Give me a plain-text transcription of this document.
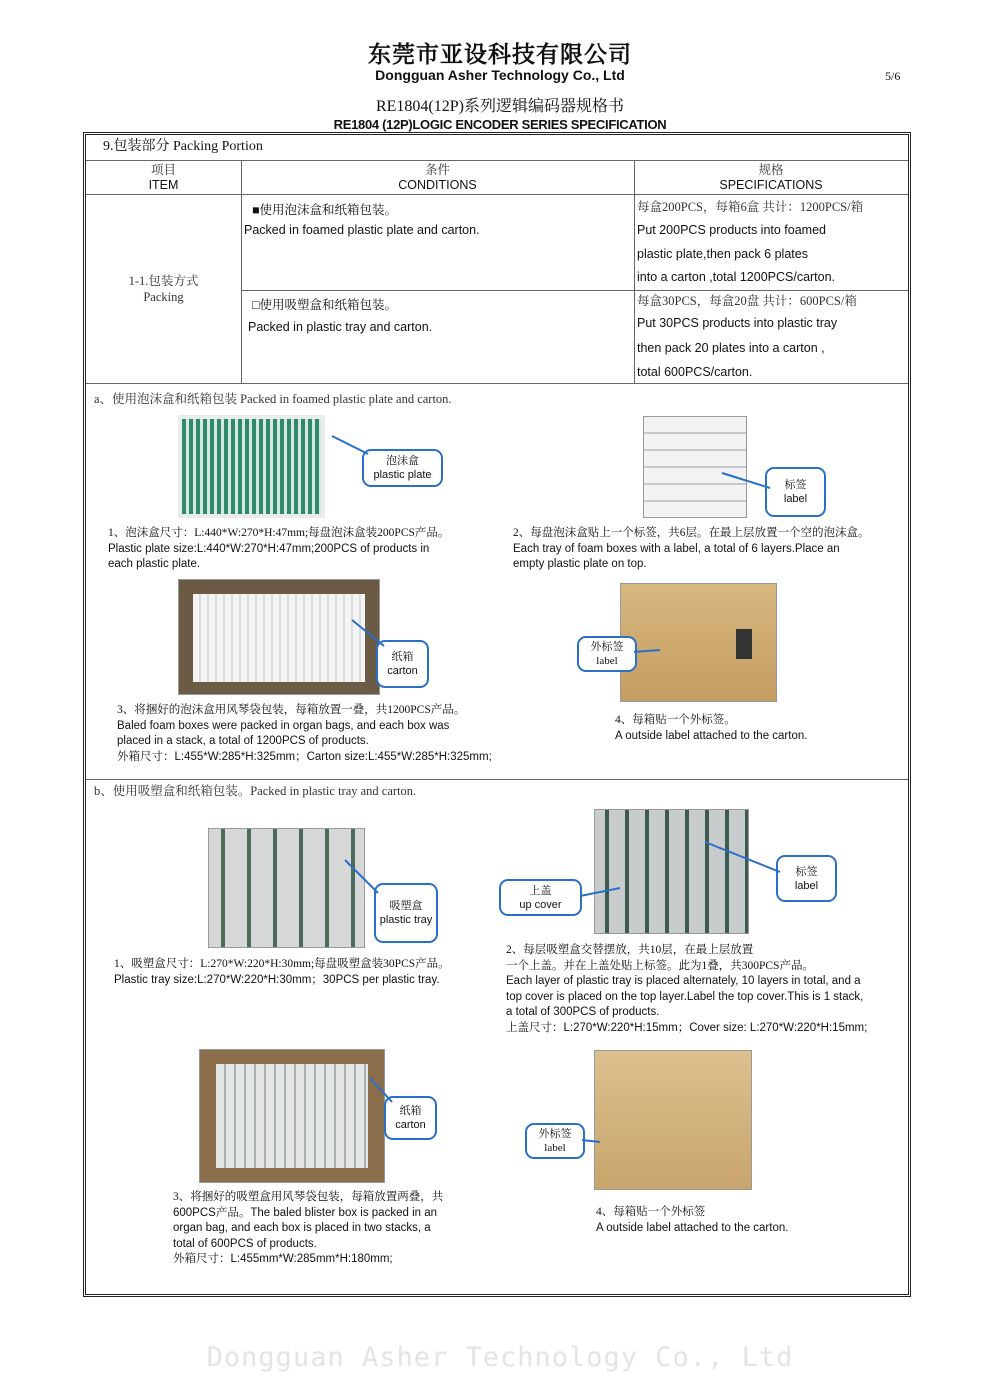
东莞市亚设科技有限公司
Dongguan Asher Technology Co., Ltd	5/6
RE1804(12P)系列逻辑编码器规格书
RE1804 (12P)LOGIC ENCODER SERIES SPECIFICATION
9.包装部分 Packing Portion
项目
ITEM
条件
CONDITIONS
规格
SPECIFICATIONS
1-1.包装方式
Packing
■使用泡沫盒和纸箱包装。
Packed in foamed plastic plate and carton.
每盒200PCS，每箱6盒 共计：1200PCS/箱
Put 200PCS products into foamed
plastic plate,then pack 6 plates
into a carton ,total 1200PCS/carton.
□使用吸塑盒和纸箱包装。
Packed in plastic tray and carton.
每盒30PCS，每盒20盘 共计：600PCS/箱
Put 30PCS products into plastic tray
then pack 20 plates into a carton ,
total 600PCS/carton.
a、使用泡沫盒和纸箱包装 Packed in foamed plastic plate and carton.
泡沫盒
plastic plate
标签
label
纸箱
carton
外标签
label
1、泡沫盒尺寸：L:440*W:270*H:47mm;每盘泡沫盒装200PCS产品。
Plastic plate size:L:440*W:270*H:47mm;200PCS of products in
each plastic plate.
2、每盘泡沫盒贴上一个标签，共6层。在最上层放置一个空的泡沫盒。
Each tray of foam boxes with a label, a total of 6 layers.Place an
empty plastic plate on top.
3、将捆好的泡沫盒用风琴袋包装，每箱放置一叠，共1200PCS产品。
Baled foam boxes were packed in organ bags, and each box was
placed in a stack, a total of 1200PCS of products.
外箱尺寸：L:455*W:285*H:325mm；Carton size:L:455*W:285*H:325mm;
4、每箱贴一个外标签。
A outside label attached to the carton.
b、使用吸塑盒和纸箱包装。Packed in plastic tray and carton.
吸塑盒
plastic tray
上盖
up cover
标签
label
纸箱
carton
外标签
label
1、吸塑盒尺寸：L:270*W:220*H:30mm;每盘吸塑盒装30PCS产品。
Plastic tray size:L:270*W:220*H:30mm；30PCS per plastic tray.
2、每层吸塑盒交替摆放，共10层，在最上层放置
一个上盖。并在上盖处贴上标签。此为1叠，共300PCS产品。
Each layer of plastic tray is placed alternately, 10 layers in total, and a
top cover is placed on the top layer.Label the top cover.This is 1 stack,
a total of 300PCS of products.
上盖尺寸：L:270*W:220*H:15mm；Cover size: L:270*W:220*H:15mm;
3、将捆好的吸塑盒用风琴袋包装，每箱放置两叠，共
600PCS产品。The baled blister box is packed in an
organ bag, and each box is placed in two stacks, a
total of 600PCS of products.
外箱尺寸：L:455mm*W:285mm*H:180mm;
4、每箱贴一个外标签
A outside label attached to the carton.
Dongguan Asher Technology Co., Ltd
